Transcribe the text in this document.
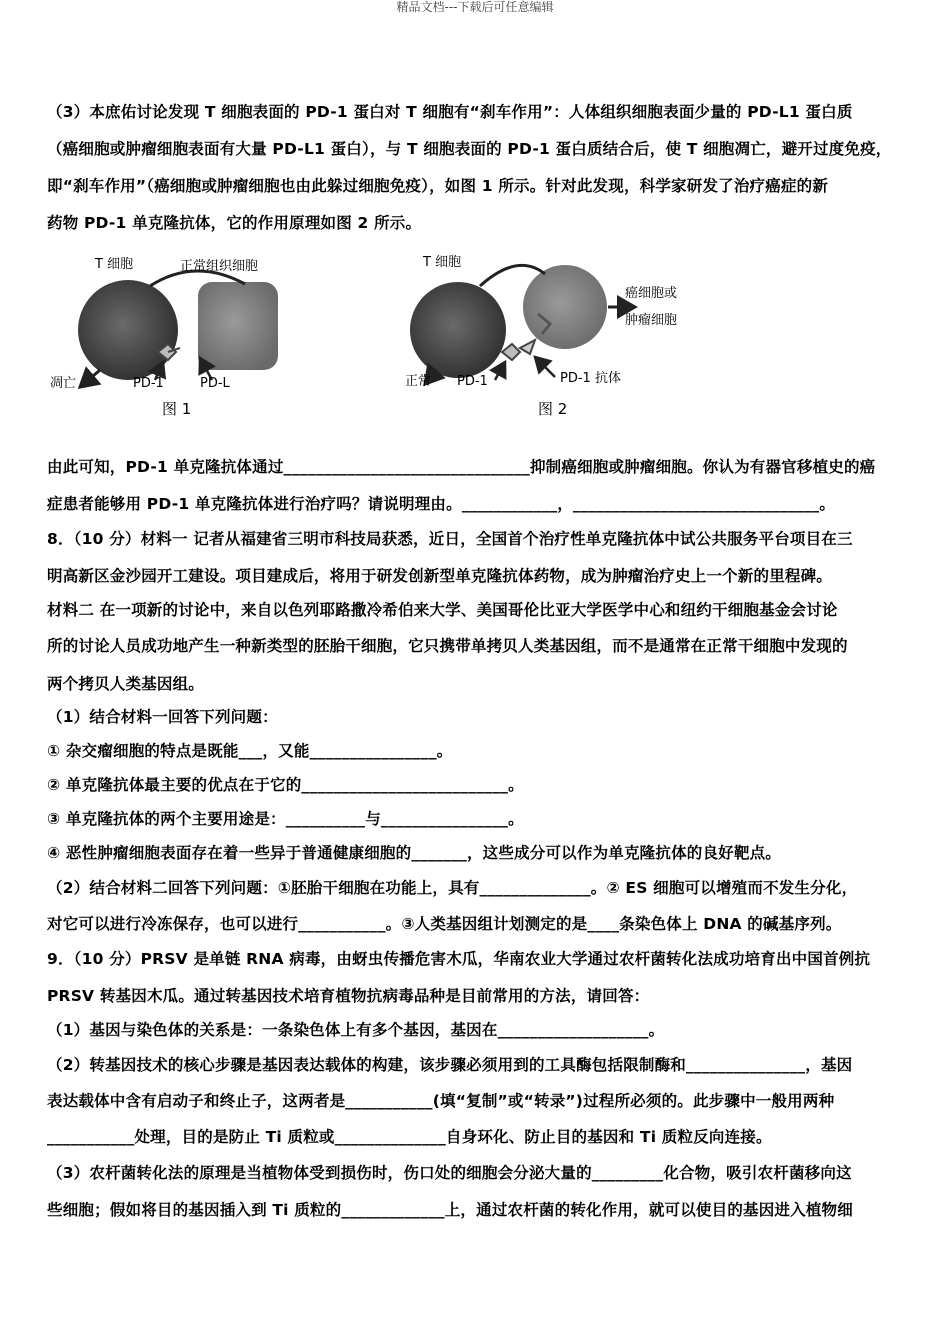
精品文档---下载后可任意编辑
（3）本庶佑讨论发现 T 细胞表面的 PD-1 蛋白对 T 细胞有“刹车作用”：人体组织细胞表面少量的 PD-L1 蛋白质
（癌细胞或肿瘤细胞表面有大量 PD-L1 蛋白），与 T 细胞表面的 PD-1 蛋白质结合后，使 T 细胞凋亡，避开过度免疫，
即“刹车作用”（癌细胞或肿瘤细胞也由此躲过细胞免疫），如图 1 所示。针对此发现，科学家研发了治疗癌症的新
药物 PD-1 单克隆抗体，它的作用原理如图 2 所示。
T 细胞	正常组织细胞
凋亡	PD-1	PD-L
图 1
T 细胞
癌细胞或
肿瘤细胞
正常 PD-1	PD-1 抗体
图 2
由此可知，PD-1 单克隆抗体通过_______________________________抑制癌细胞或肿瘤细胞。你认为有器官移植史的癌
症患者能够用 PD-1 单克隆抗体进行治疗吗？请说明理由。____________，_______________________________。
8．（10 分）材料一 记者从福建省三明市科技局获悉，近日，全国首个治疗性单克隆抗体中试公共服务平台项目在三
明高新区金沙园开工建设。项目建成后，将用于研发创新型单克隆抗体药物，成为肿瘤治疗史上一个新的里程碑。
材料二 在一项新的讨论中，来自以色列耶路撒冷希伯来大学、美国哥伦比亚大学医学中心和纽约干细胞基金会讨论
所的讨论人员成功地产生一种新类型的胚胎干细胞，它只携带单拷贝人类基因组，而不是通常在正常干细胞中发现的
两个拷贝人类基因组。
（1）结合材料一回答下列问题：
① 杂交瘤细胞的特点是既能___，又能________________。
② 单克隆抗体最主要的优点在于它的__________________________。
③ 单克隆抗体的两个主要用途是：__________与________________。
④ 恶性肿瘤细胞表面存在着一些异于普通健康细胞的_______，这些成分可以作为单克隆抗体的良好靶点。
（2）结合材料二回答下列问题：①胚胎干细胞在功能上，具有______________。② ES 细胞可以增殖而不发生分化，
对它可以进行冷冻保存，也可以进行___________。③人类基因组计划测定的是____条染色体上 DNA 的碱基序列。
9．（10 分）PRSV 是单链 RNA 病毒，由蚜虫传播危害木瓜，华南农业大学通过农杆菌转化法成功培育出中国首例抗
PRSV 转基因木瓜。通过转基因技术培育植物抗病毒品种是目前常用的方法，请回答：
（1）基因与染色体的关系是：一条染色体上有多个基因，基因在___________________。
（2）转基因技术的核心步骤是基因表达载体的构建，该步骤必须用到的工具酶包括限制酶和_______________，基因
表达载体中含有启动子和终止子，这两者是___________(填“复制”或“转录”)过程所必须的。此步骤中一般用两种
___________处理，目的是防止 Ti 质粒或______________自身环化、防止目的基因和 Ti 质粒反向连接。
（3）农杆菌转化法的原理是当植物体受到损伤时，伤口处的细胞会分泌大量的_________化合物，吸引农杆菌移向这
些细胞；假如将目的基因插入到 Ti 质粒的_____________上，通过农杆菌的转化作用，就可以使目的基因进入植物细
